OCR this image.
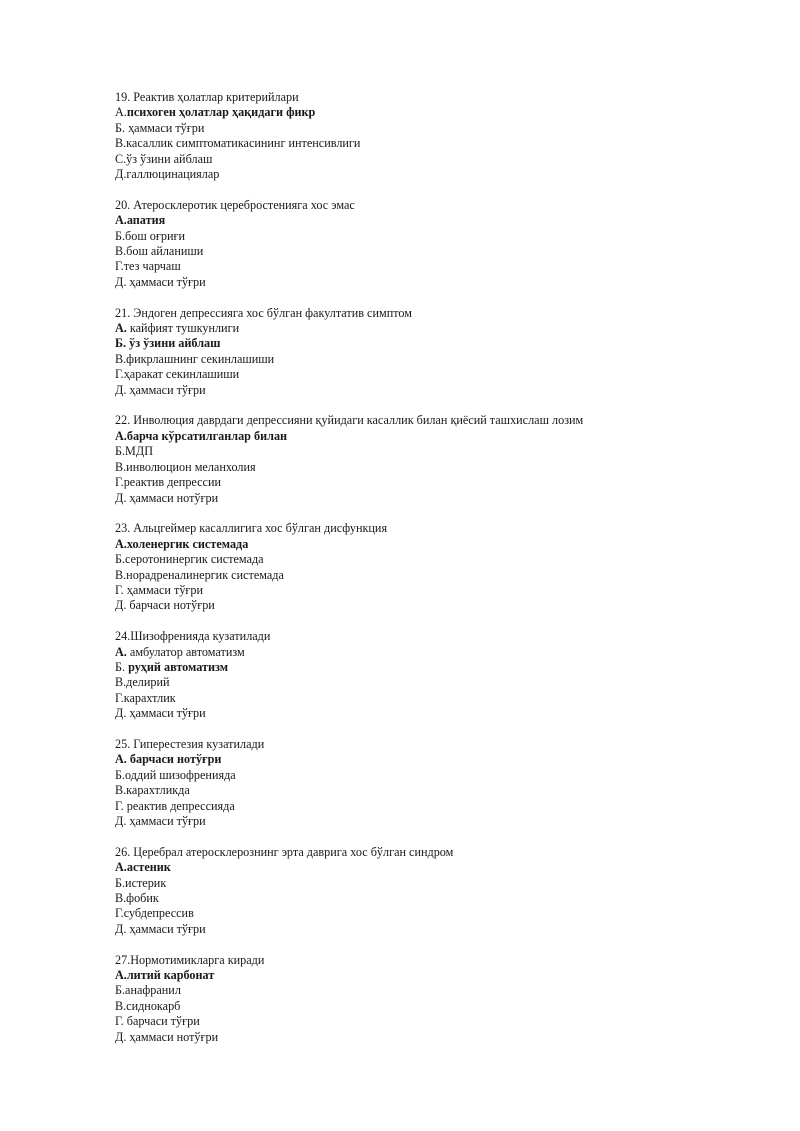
19. Реактив ҳолатлар критерийлари
А.психоген ҳолатлар ҳақидаги фикр
Б. ҳаммаси тўғри
В.касаллик симптоматикасининг интенсивлиги
С.ўз ўзини айблаш
Д.галлюцинациялар
20. Атеросклеротик церебростенияга хос эмас
А.апатия
Б.бош оғриғи
В.бош айланиши
Г.тез чарчаш
Д. ҳаммаси тўғри
21. Эндоген депрессияга хос бўлган факултатив симптом
А. кайфият тушкунлиги
Б. ўз ўзини айблаш
В.фикрлашнинг секинлашиши
Г.ҳаракат секинлашиши
Д. ҳаммаси тўғри
22. Инволюция даврдаги депрессияни қуйидаги касаллик билан қиёсий ташхислаш лозим
А.барча кўрсатилганлар билан
Б.МДП
В.инволюцион меланхолия
Г.реактив депрессии
Д. ҳаммаси нотўғри
23. Альцгеймер касаллигига хос бўлган дисфункция
А.холенергик системада
Б.серотонинергик системада
В.норадреналинергик системада
Г. ҳаммаси тўғри
Д. барчаси нотўғри
24.Шизофренияда кузатилади
А. амбулатор автоматизм
Б. руҳий автоматизм
В.делирий
Г.карахтлик
Д. ҳаммаси тўғри
25. Гиперестезия кузатилади
А. барчаси нотўғри
Б.оддий шизофренияда
В.карахтликда
Г. реактив депрессияда
Д. ҳаммаси тўғри
26. Церебрал атеросклерознинг эрта даврига хос бўлган синдром
А.астеник
Б.истерик
В.фобик
Г.субдепрессив
Д. ҳаммаси тўғри
27.Нормотимикларга киради
А.литий карбонат
Б.анафранил
В.сиднокарб
Г. барчаси тўғри
Д. ҳаммаси нотўғри
